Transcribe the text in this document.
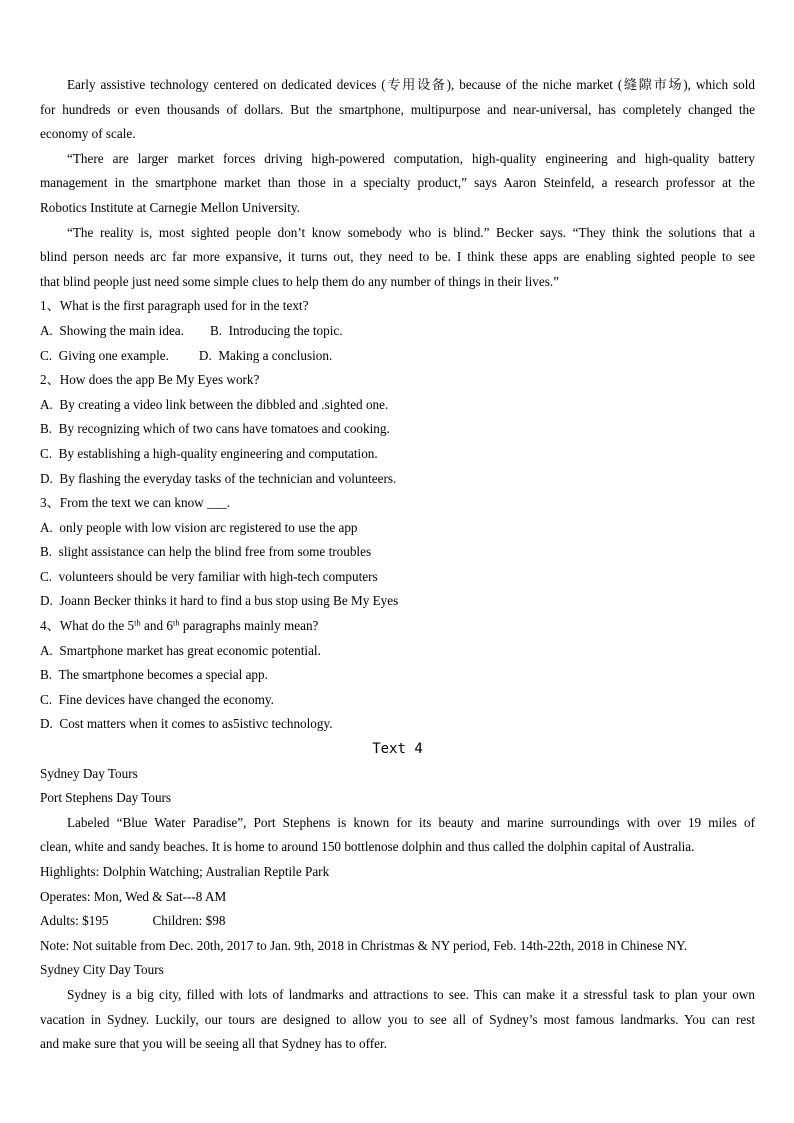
Early assistive technology centered on dedicated devices (专用设备), because of the niche market (缝隙市场), which sold
for hundreds or even thousands of dollars. But the smartphone, multipurpose and near-universal, has completely changed the
economy of scale.
“There are larger market forces driving high-powered computation, high-quality engineering and high-quality battery
management in the smartphone market than those in a specialty product,” says Aaron Steinfeld, a research professor at the
Robotics Institute at Carnegie Mellon University.
“The reality is, most sighted people don’t know somebody who is blind.” Becker says. “They think the solutions that a
blind person needs arc far more expansive, it turns out, they need to be. I think these apps are enabling sighted people to see
that blind people just need some simple clues to help them do any number of things in their lives.”
1、What is the first paragraph used for in the text?
A.  Showing the main idea. B.  Introducing the topic.
C.  Giving one example. D.  Making a conclusion.
2、How does the app Be My Eyes work?
A.  By creating a video link between the dibbled and .sighted one.
B.  By recognizing which of two cans have tomatoes and cooking.
C.  By establishing a high-quality engineering and computation.
D.  By flashing the everyday tasks of the technician and volunteers.
3、From the text we can know ___.
A.  only people with low vision arc registered to use the app
B.  slight assistance can help the blind free from some troubles
C.  volunteers should be very familiar with high-tech computers
D.  Joann Becker thinks it hard to find a bus stop using Be My Eyes
4、What do the 5th and 6th paragraphs mainly mean?
A.  Smartphone market has great economic potential.
B.  The smartphone becomes a special app.
C.  Fine devices have changed the economy.
D.  Cost matters when it comes to as5istivc technology.
Text 4
Sydney Day Tours
Port Stephens Day Tours
Labeled “Blue Water Paradise”, Port Stephens is known for its beauty and marine surroundings with over 19 miles of
clean, white and sandy beaches. It is home to around 150 bottlenose dolphin and thus called the dolphin capital of Australia.
Highlights: Dolphin Watching; Australian Reptile Park
Operates: Mon, Wed & Sat---8 AM
Adults: $195	Children: $98
Note: Not suitable from Dec. 20th, 2017 to Jan. 9th, 2018 in Christmas & NY period, Feb. 14th-22th, 2018 in Chinese NY.
Sydney City Day Tours
Sydney is a big city, filled with lots of landmarks and attractions to see. This can make it a stressful task to plan your own
vacation in Sydney. Luckily, our tours are designed to allow you to see all of Sydney’s most famous landmarks. You can rest
and make sure that you will be seeing all that Sydney has to offer.
